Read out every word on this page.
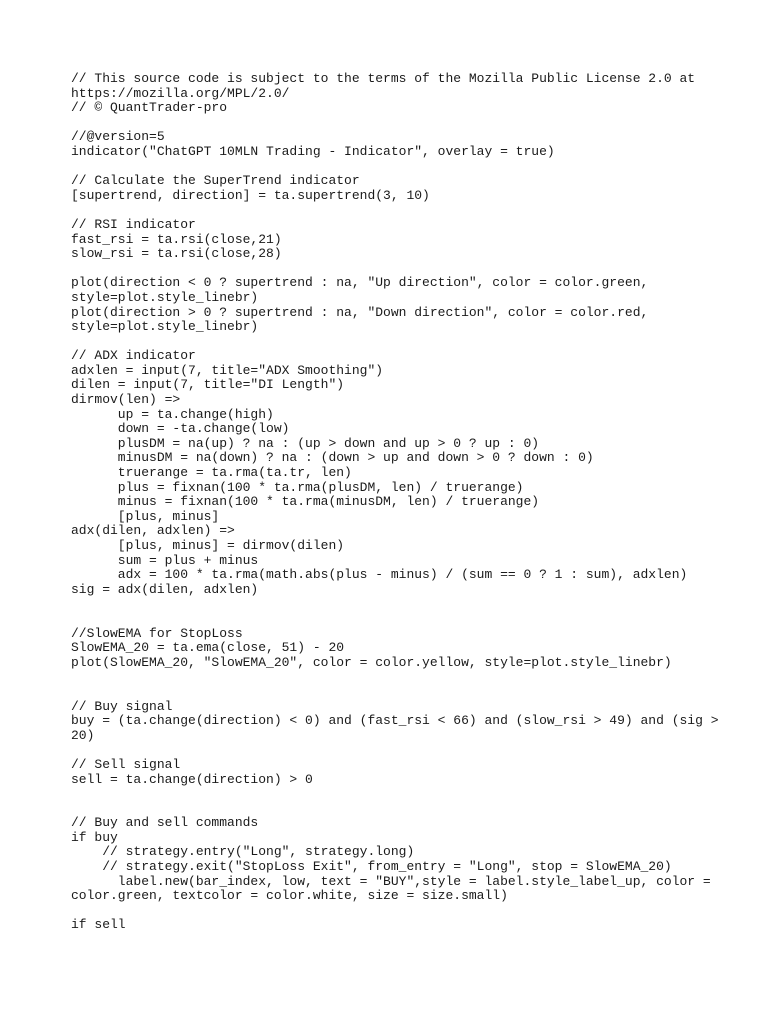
// This source code is subject to the terms of the Mozilla Public License 2.0 at
https://mozilla.org/MPL/2.0/
// © QuantTrader-pro
//@version=5
indicator("ChatGPT 10MLN Trading - Indicator", overlay = true)
// Calculate the SuperTrend indicator
[supertrend, direction] = ta.supertrend(3, 10)
// RSI indicator
fast_rsi = ta.rsi(close,21)
slow_rsi = ta.rsi(close,28)
plot(direction < 0 ? supertrend : na, "Up direction", color = color.green,
style=plot.style_linebr)
plot(direction > 0 ? supertrend : na, "Down direction", color = color.red,
style=plot.style_linebr)
// ADX indicator
adxlen = input(7, title="ADX Smoothing")
dilen = input(7, title="DI Length")
dirmov(len) =>
up = ta.change(high)
down = -ta.change(low)
plusDM = na(up) ? na : (up > down and up > 0 ? up : 0)
minusDM = na(down) ? na : (down > up and down > 0 ? down : 0)
truerange = ta.rma(ta.tr, len)
plus = fixnan(100 * ta.rma(plusDM, len) / truerange)
minus = fixnan(100 * ta.rma(minusDM, len) / truerange)
[plus, minus]
adx(dilen, adxlen) =>
[plus, minus] = dirmov(dilen)
sum = plus + minus
adx = 100 * ta.rma(math.abs(plus - minus) / (sum == 0 ? 1 : sum), adxlen)
sig = adx(dilen, adxlen)
//SlowEMA for StopLoss
SlowEMA_20 = ta.ema(close, 51) - 20
plot(SlowEMA_20, "SlowEMA_20", color = color.yellow, style=plot.style_linebr)
// Buy signal
buy = (ta.change(direction) < 0) and (fast_rsi < 66) and (slow_rsi > 49) and (sig >
20)
// Sell signal
sell = ta.change(direction) > 0
// Buy and sell commands
if buy
// strategy.entry("Long", strategy.long)
// strategy.exit("StopLoss Exit", from_entry = "Long", stop = SlowEMA_20)
label.new(bar_index, low, text = "BUY",style = label.style_label_up, color =
color.green, textcolor = color.white, size = size.small)
if sell
